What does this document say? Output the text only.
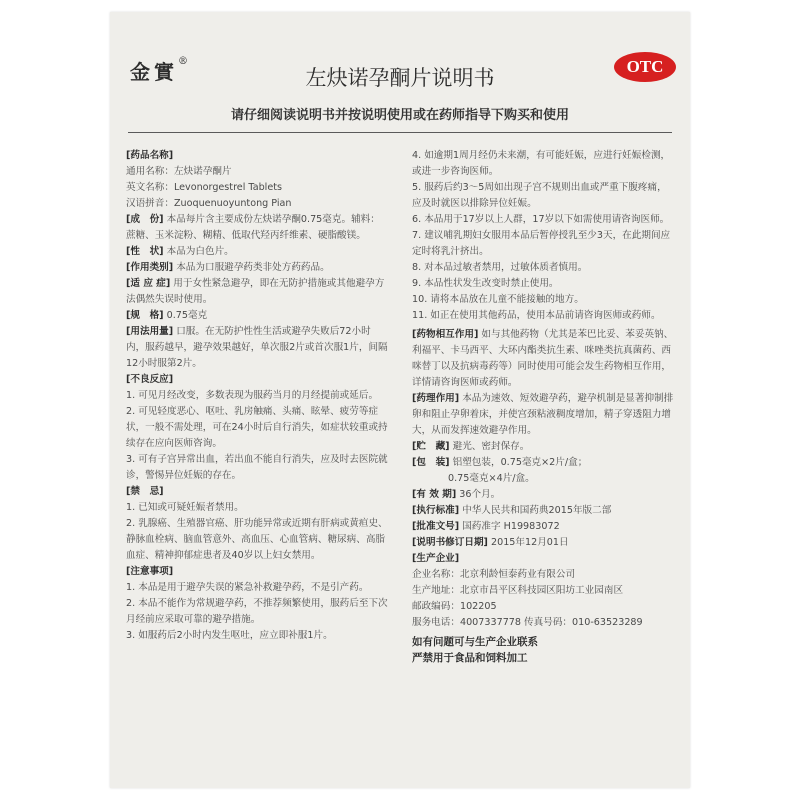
金實®
左炔诺孕酮片说明书	OTC
请仔细阅读说明书并按说明使用或在药师指导下购买和使用

[药品名称]

通用名称：左炔诺孕酮片

英文名称：Levonorgestrel Tablets

汉语拼音：Zuoquenuoyuntong Pian

[成　份] 本品每片含主要成份左炔诺孕酮0.75毫克。辅料：蔗糖、玉米淀粉、糊精、低取代羟丙纤维素、硬脂酸镁。

[性　状] 本品为白色片。

[作用类别] 本品为口服避孕药类非处方药药品。

[适 应 症] 用于女性紧急避孕，即在无防护措施或其他避孕方法偶然失误时使用。

[规　格] 0.75毫克

[用法用量] 口服。在无防护性性生活或避孕失败后72小时内，服药越早，避孕效果越好，单次服2片或首次服1片，间隔12小时服第2片。

[不良反应]

1. 可见月经改变，多数表现为服药当月的月经提前或延后。

2. 可见轻度恶心、呕吐、乳房触痛、头痛、眩晕、疲劳等症状，一般不需处理，可在24小时后自行消失，如症状较重或持续存在应向医师咨询。

3. 可有子宫异常出血，若出血不能自行消失，应及时去医院就诊，警惕异位妊娠的存在。

[禁　忌]

1. 已知或可疑妊娠者禁用。

2. 乳腺癌、生殖器官癌、肝功能异常或近期有肝病或黄疸史、静脉血栓病、脑血管意外、高血压、心血管病、糖尿病、高脂血症、精神抑郁症患者及40岁以上妇女禁用。

[注意事项]

1. 本品是用于避孕失误的紧急补救避孕药，不是引产药。

2. 本品不能作为常规避孕药，不推荐频繁使用，服药后至下次月经前应采取可靠的避孕措施。

3. 如服药后2小时内发生呕吐，应立即补服1片。

4. 如逾期1周月经仍未来潮，有可能妊娠，应进行妊娠检测，或进一步咨询医师。

5. 服药后约3～5周如出现子宫不规则出血或严重下腹疼痛，应及时就医以排除异位妊娠。

6. 本品用于17岁以上人群，17岁以下如需使用请咨询医师。

7. 建议哺乳期妇女服用本品后暂停授乳至少3天，在此期间应定时将乳汁挤出。

8. 对本品过敏者禁用，过敏体质者慎用。

9. 本品性状发生改变时禁止使用。

10. 请将本品放在儿童不能接触的地方。

11. 如正在使用其他药品，使用本品前请咨询医师或药师。

[药物相互作用] 如与其他药物（尤其是苯巴比妥、苯妥英钠、利福平、卡马西平、大环内酯类抗生素、咪唑类抗真菌药、西咪替丁以及抗病毒药等）同时使用可能会发生药物相互作用，详情请咨询医师或药师。

[药理作用] 本品为速效、短效避孕药，避孕机制是显著抑制排卵和阻止孕卵着床，并使宫颈粘液稠度增加，精子穿透阻力增大，从而发挥速效避孕作用。

[贮　藏] 避光、密封保存。

[包　装] 铝塑包装，0.75毫克×2片/盒；

0.75毫克×4片/盒。

[有 效 期] 36个月。

[执行标准] 中华人民共和国药典2015年版二部

[批准文号] 国药准字 H19983072

[说明书修订日期] 2015年12月01日

[生产企业]

企业名称：北京利龄恒泰药业有限公司

生产地址：北京市昌平区科技园区阳坊工业园南区

邮政编码：102205

服务电话：4007337778 传真号码：010-63523289

如有问题可与生产企业联系

严禁用于食品和饲料加工
